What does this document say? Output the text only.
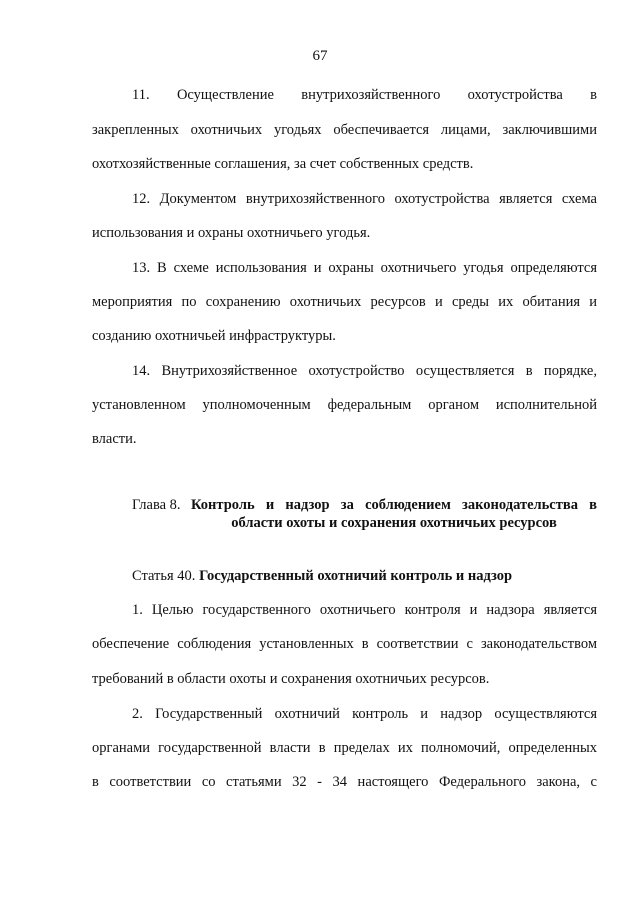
67
11. Осуществление внутрихозяйственного охотустройства в
закрепленных охотничьих угодьях обеспечивается лицами, заключившими
охотхозяйственные соглашения, за счет собственных средств.
12. Документом внутрихозяйственного охотустройства является схема
использования и охраны охотничьего угодья.
13. В схеме использования и охраны охотничьего угодья определяются
мероприятия по сохранению охотничьих ресурсов и среды их обитания и
созданию охотничьей инфраструктуры.
14. Внутрихозяйственное охотустройство осуществляется в порядке,
установленном уполномоченным федеральным органом исполнительной
власти.
Глава 8. Контроль и надзор за соблюдением законодательства в
области охоты и сохранения охотничьих ресурсов
Статья 40. Государственный охотничий контроль и надзор
1. Целью государственного охотничьего контроля и надзора является
обеспечение соблюдения установленных в соответствии с законодательством
требований в области охоты и сохранения охотничьих ресурсов.
2. Государственный охотничий контроль и надзор осуществляются
органами государственной власти в пределах их полномочий, определенных
в соответствии со статьями 32 - 34 настоящего Федерального закона, с
